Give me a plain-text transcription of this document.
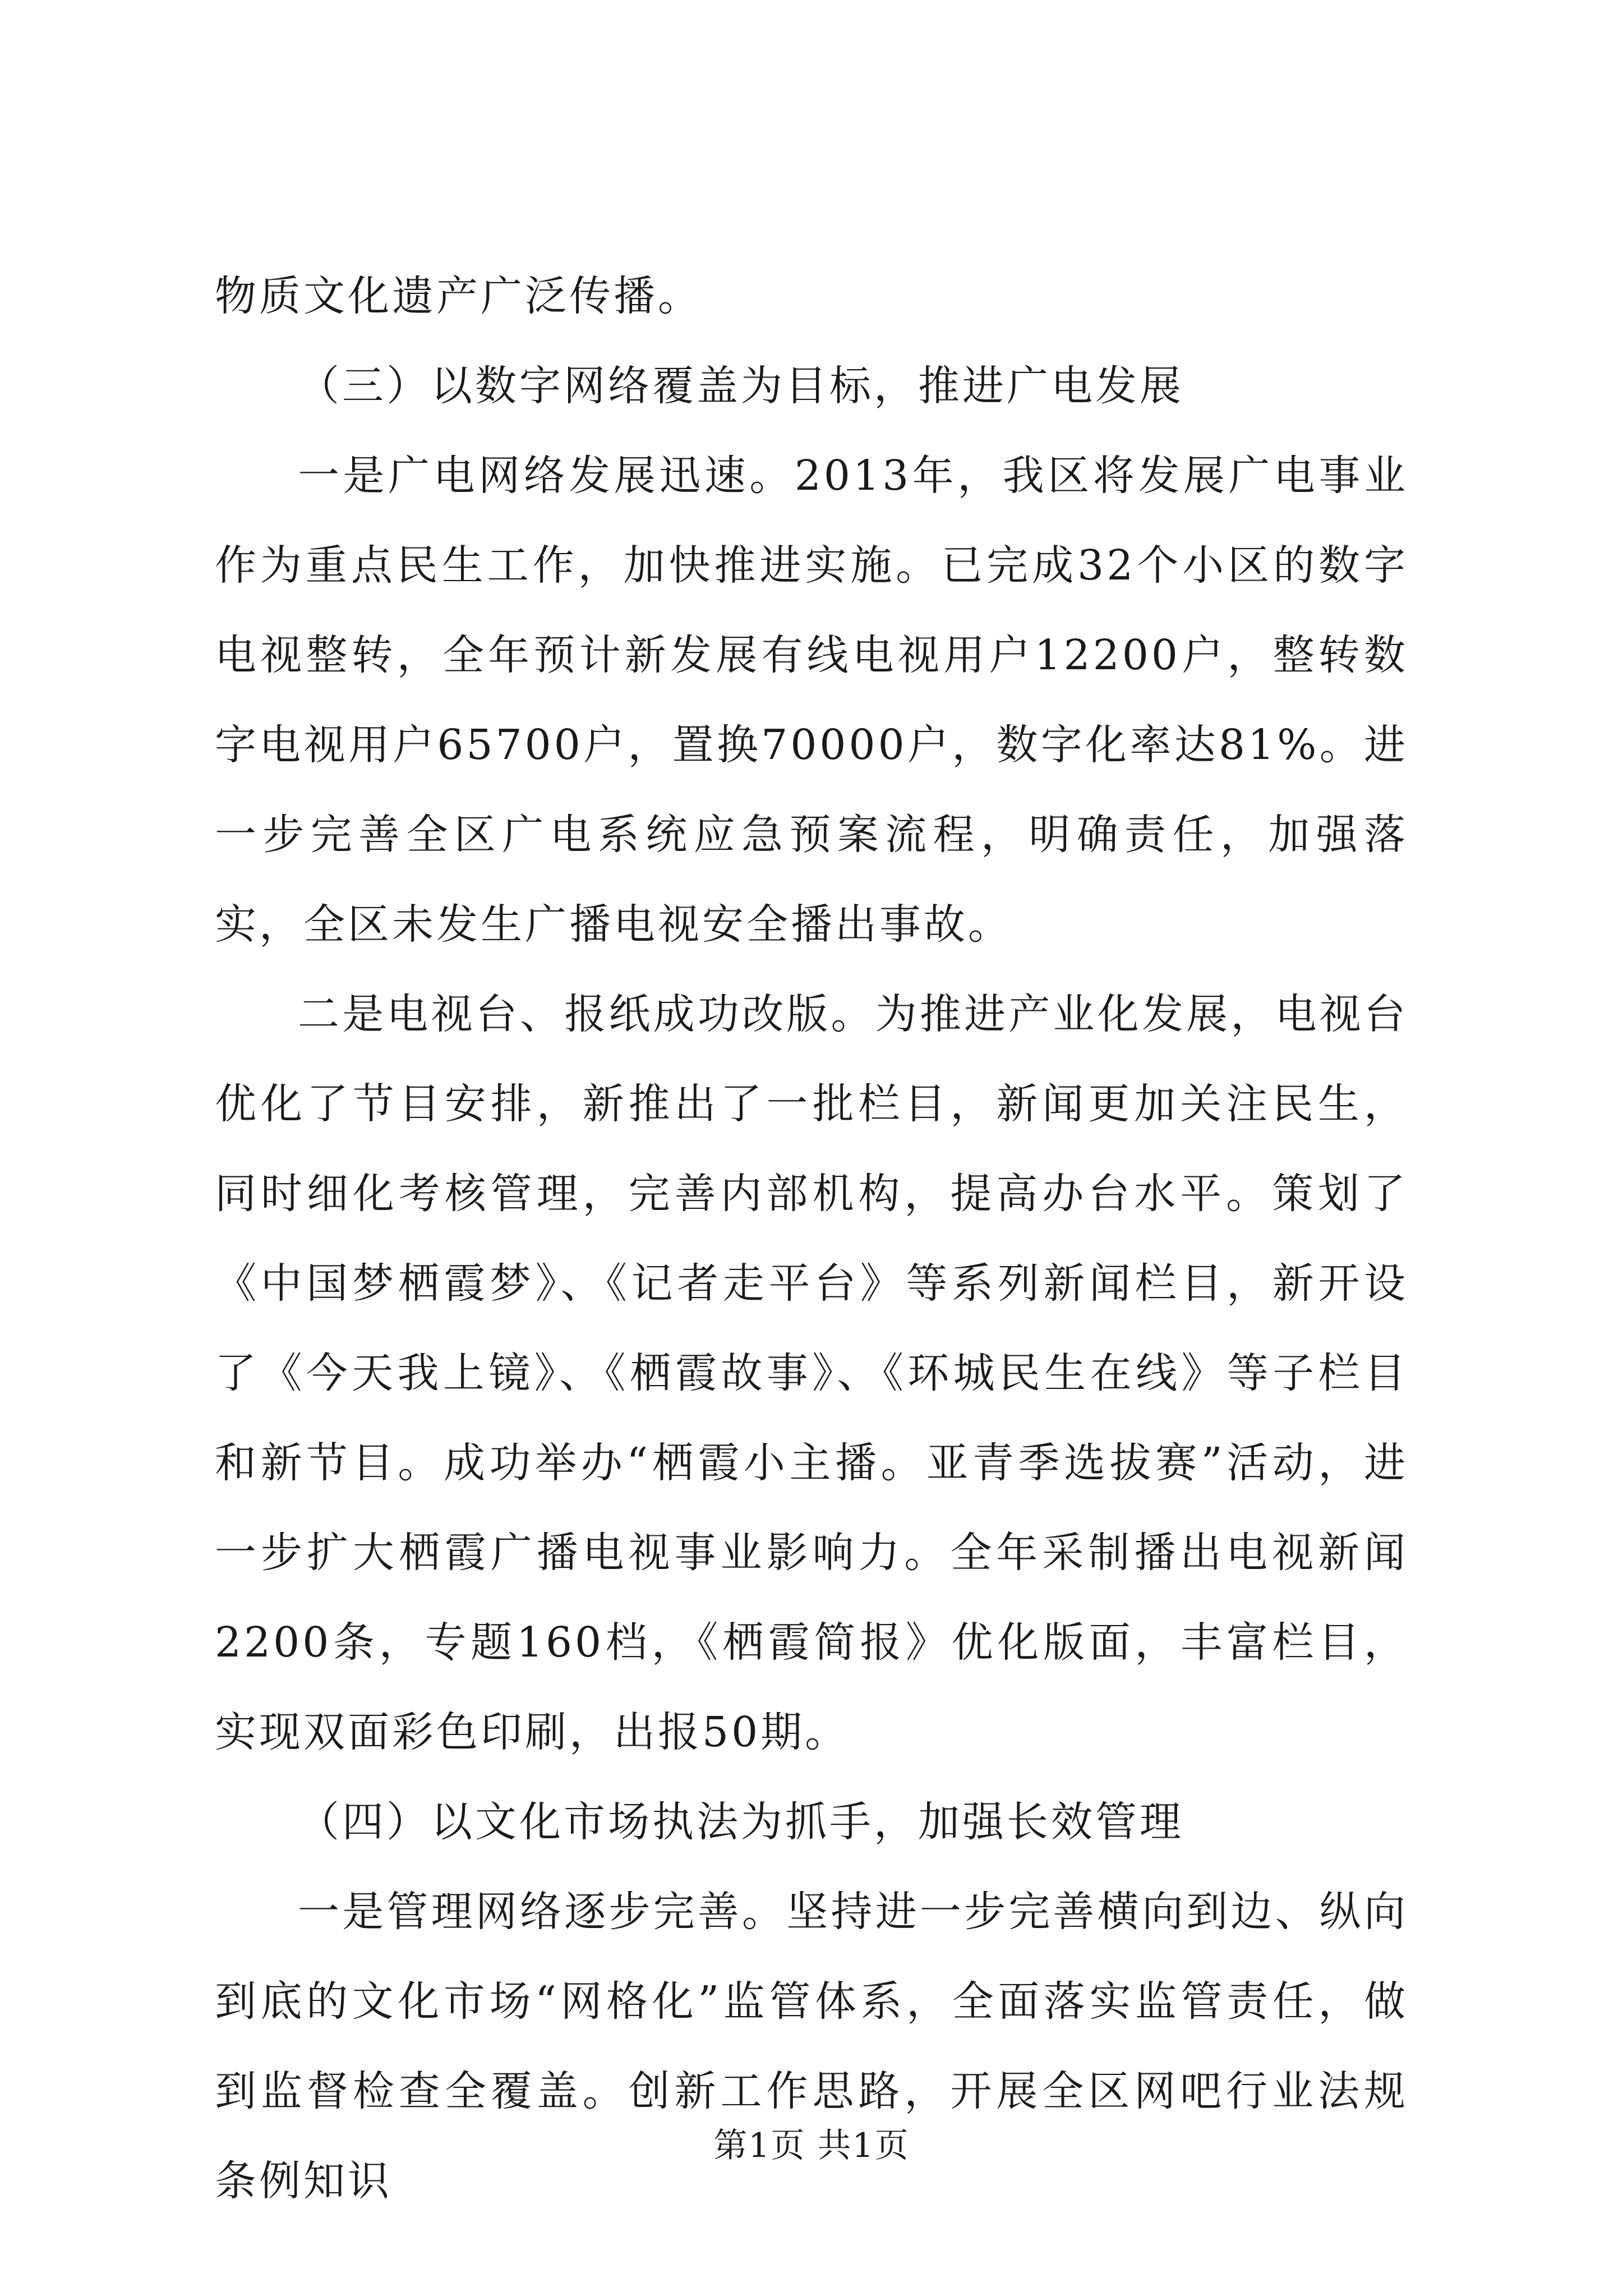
物质文化遗产广泛传播。

（三）以数字网络覆盖为目标，推进广电发展

一是广电网络发展迅速。2013年，我区将发展广电事业作为重点民生工作，加快推进实施。已完成32个小区的数字电视整转，全年预计新发展有线电视用户12200户，整转数字电视用户65700户，置换70000户，数字化率达81%。进一步完善全区广电系统应急预案流程，明确责任，加强落实，全区未发生广播电视安全播出事故。

二是电视台、报纸成功改版。为推进产业化发展，电视台优化了节目安排，新推出了一批栏目，新闻更加关注民生，同时细化考核管理，完善内部机构，提高办台水平。策划了《中国梦栖霞梦》、《记者走平台》等系列新闻栏目，新开设了《今天我上镜》、《栖霞故事》、《环城民生在线》等子栏目和新节目。成功举办“栖霞小主播。亚青季选拔赛”活动，进一步扩大栖霞广播电视事业影响力。全年采制播出电视新闻2200条，专题160档，《栖霞简报》优化版面，丰富栏目，实现双面彩色印刷，出报50期。

（四）以文化市场执法为抓手，加强长效管理

一是管理网络逐步完善。坚持进一步完善横向到边、纵向到底的文化市场“网格化”监管体系，全面落实监管责任，做到监督检查全覆盖。创新工作思路，开展全区网吧行业法规条例知识

第1页 共1页
